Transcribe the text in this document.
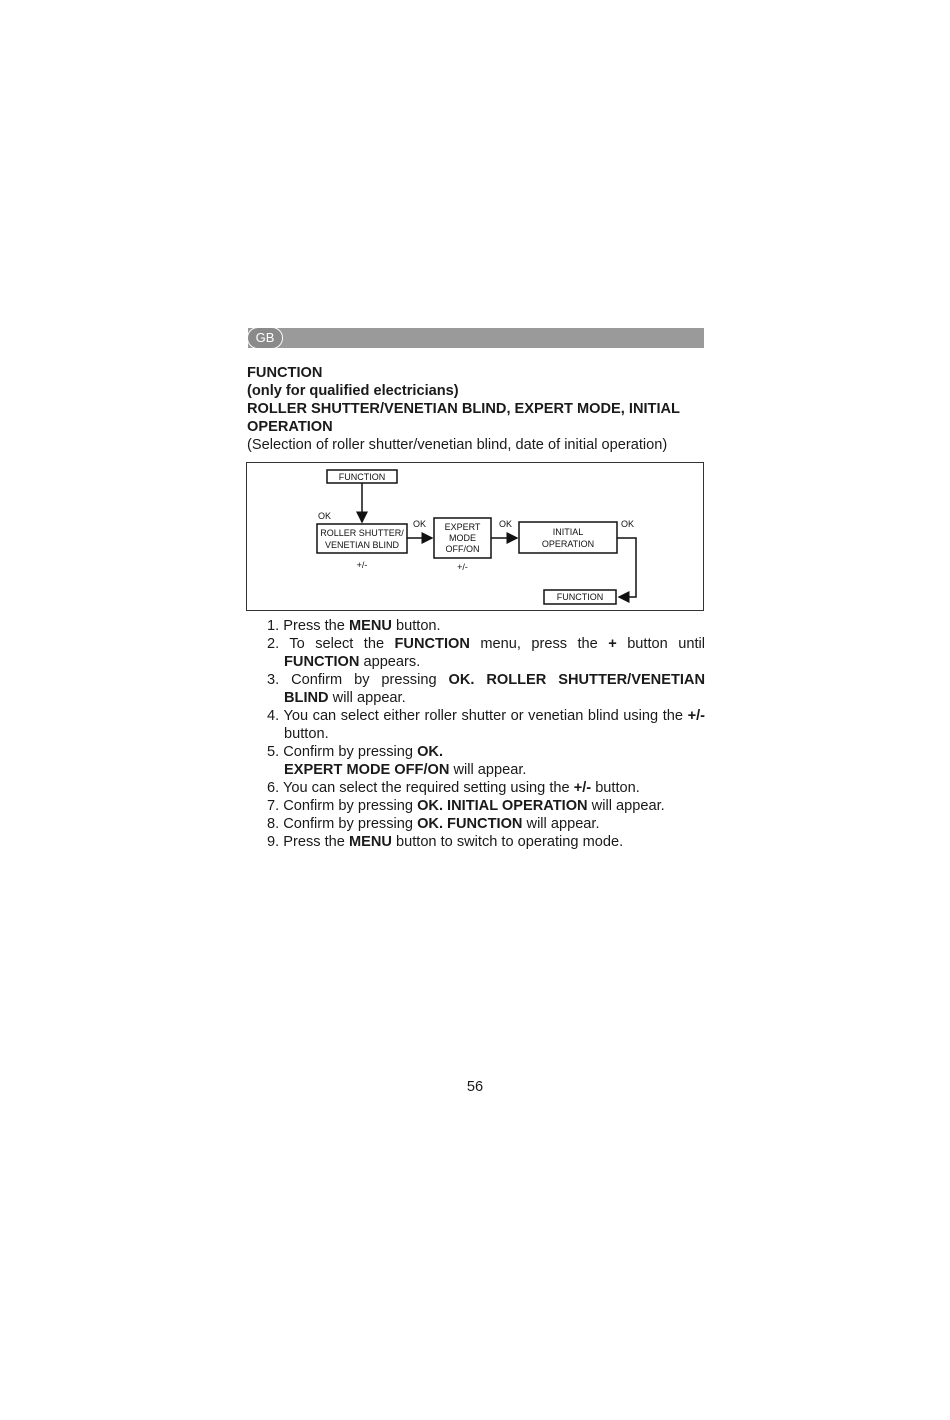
GB
FUNCTION
(only for qualified electricians)
ROLLER SHUTTER/VENETIAN BLIND, EXPERT MODE, INITIAL OPERATION
(Selection of roller shutter/venetian blind, date of initial operation)
FUNCTION
OK
ROLLER SHUTTER/
VENETIAN BLIND
+/-
OK EXPERT
MODE
OFF/ON
+/-
OK
INITIAL
OPERATION
OK
FUNCTION
1. Press the MENU button.
2. To select the FUNCTION menu, press the + button until FUNCTION appears.
3. Confirm by pressing OK. ROLLER SHUTTER/VENETIAN BLIND will appear.
4. You can select either roller shutter or venetian blind using the +/- button.
5. Confirm by pressing OK.
EXPERT MODE OFF/ON will appear.
6. You can select the required setting using the +/- button.
7. Confirm by pressing OK. INITIAL OPERATION will appear.
8. Confirm by pressing OK. FUNCTION will appear.
9. Press the MENU button to switch to operating mode.
56
